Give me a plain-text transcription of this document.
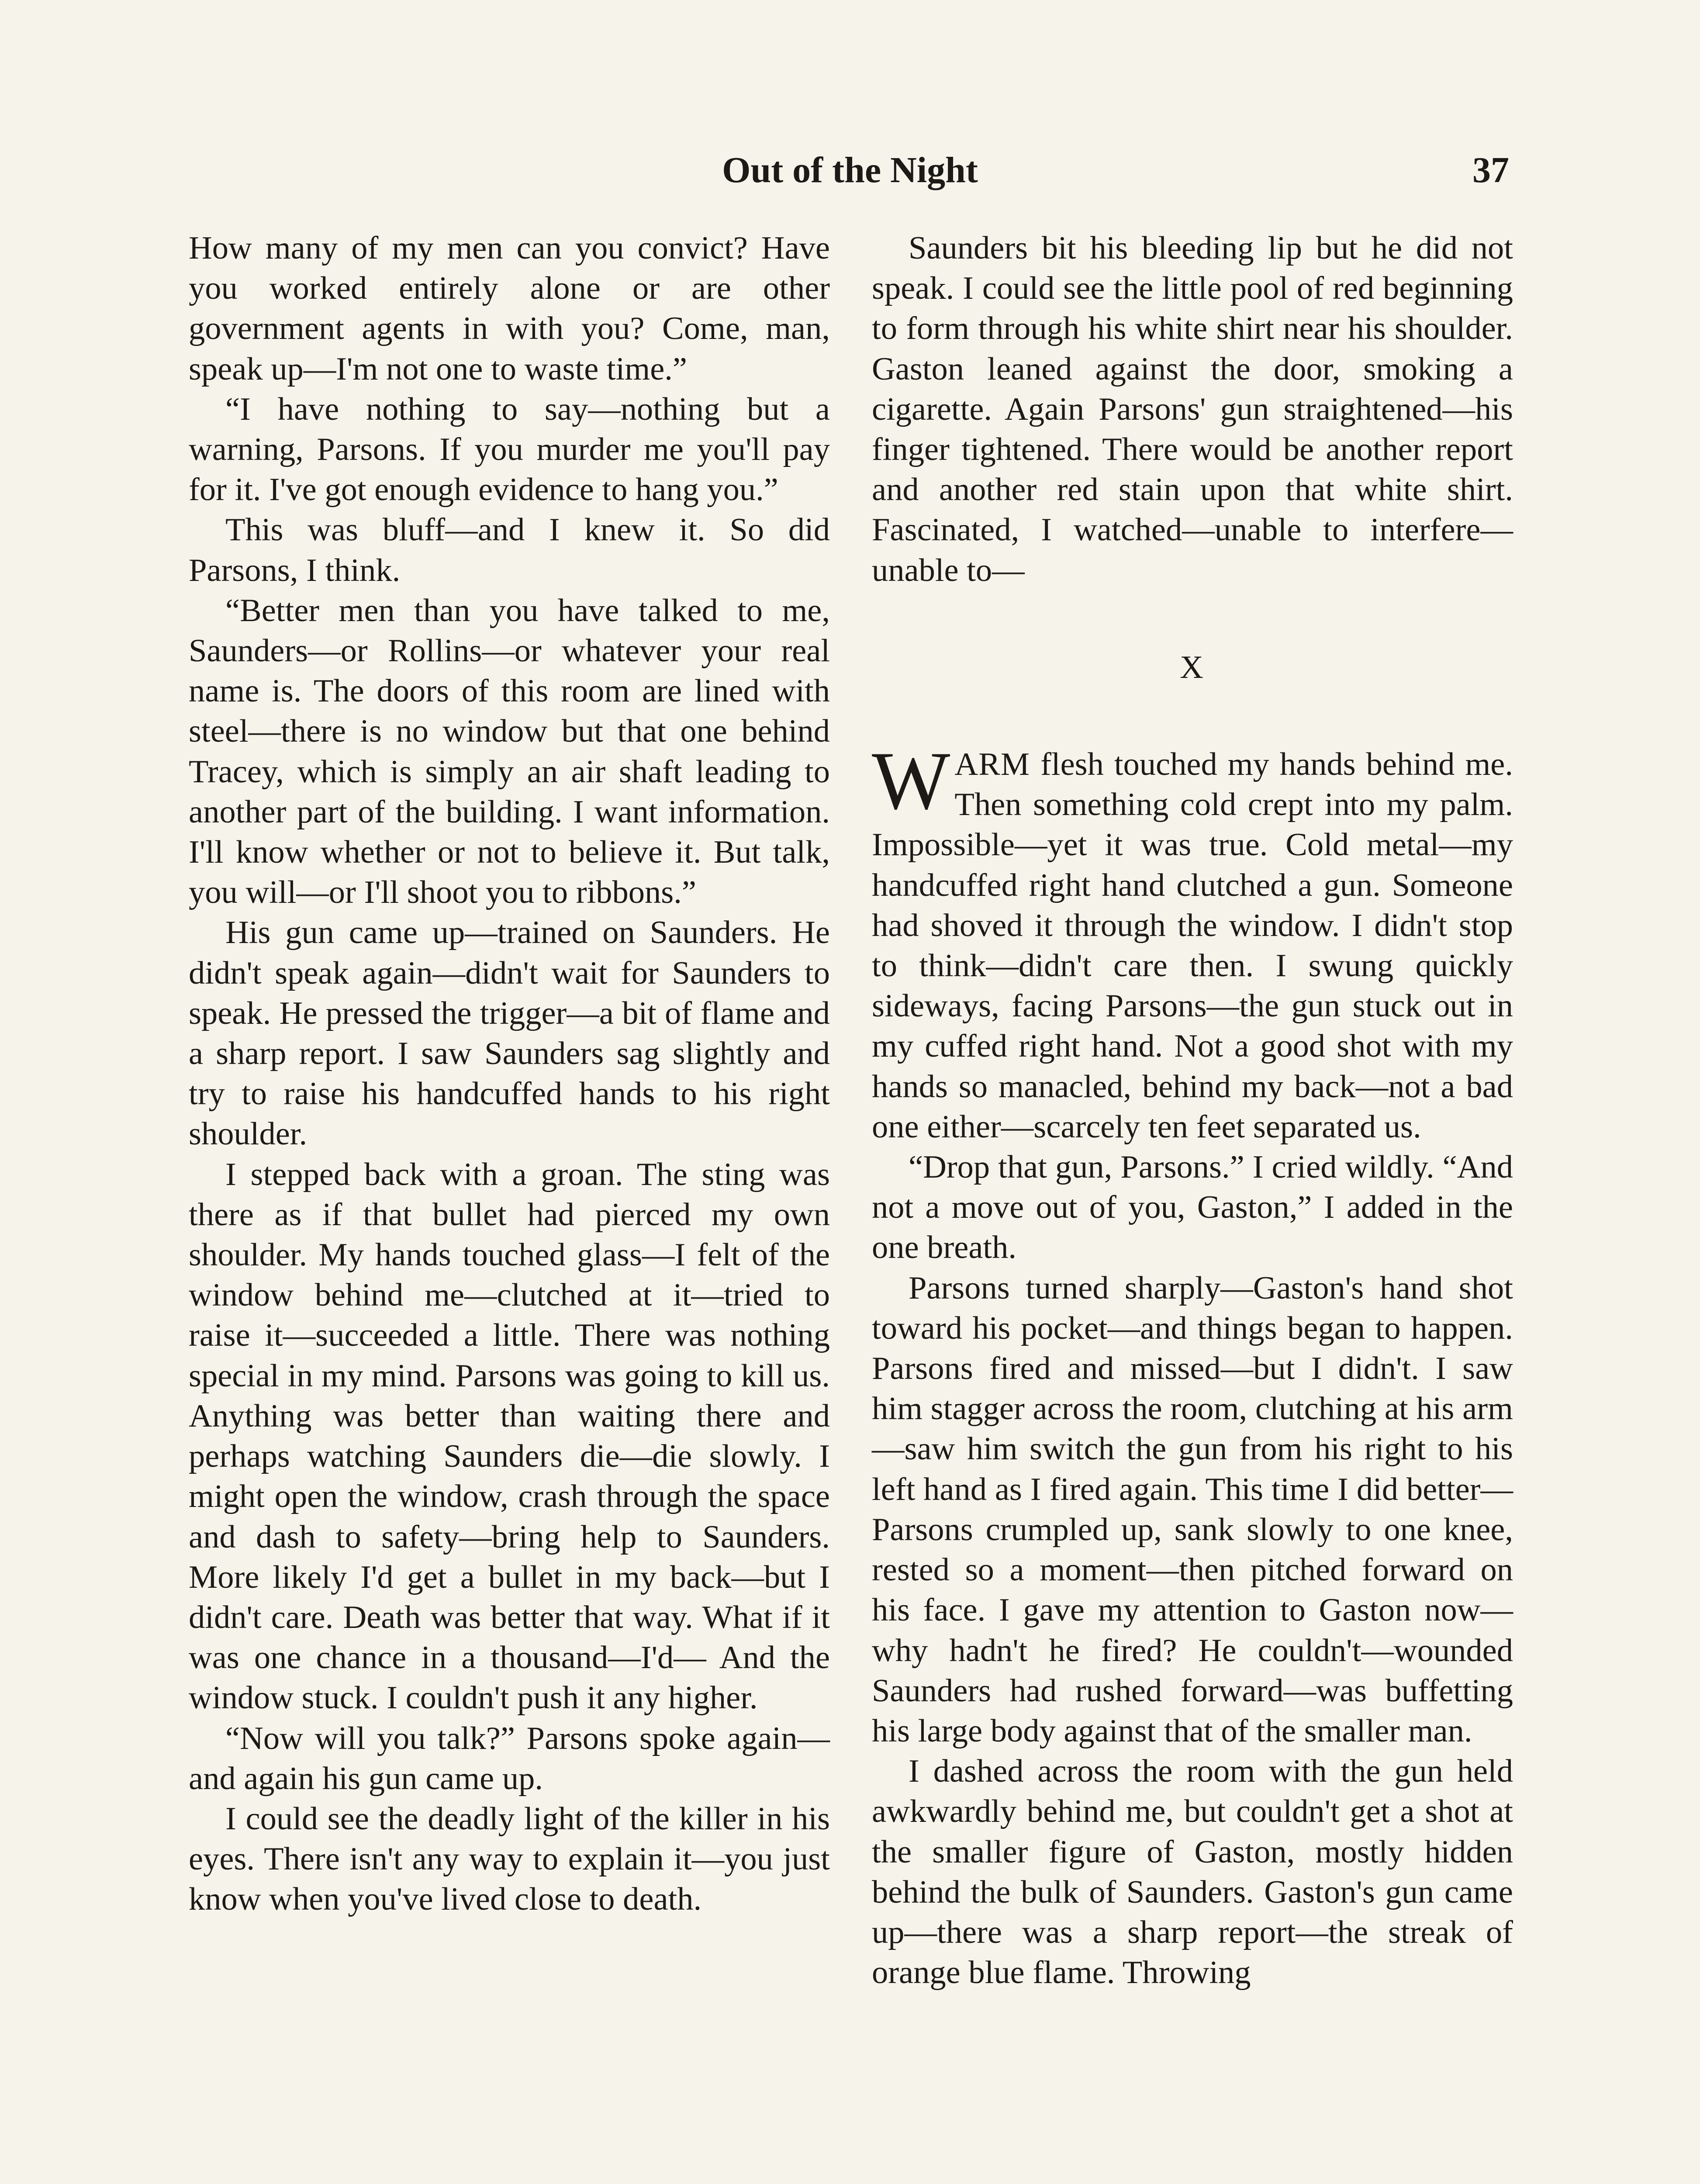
Out of the Night	37

How many of my men can you convict? Have you worked entirely alone or are other government agents in with you? Come, man, speak up—I'm not one to waste time.”

“I have nothing to say—nothing but a warning, Parsons. If you murder me you'll pay for it. I've got enough evidence to hang you.”

This was bluff—and I knew it. So did Parsons, I think.

“Better men than you have talked to me, Saunders—or Rollins—or whatever your real name is. The doors of this room are lined with steel—there is no window but that one behind Tracey, which is simply an air shaft leading to another part of the building. I want information. I'll know whether or not to believe it. But talk, you will—or I'll shoot you to ribbons.”

His gun came up—trained on Saunders. He didn't speak again—didn't wait for Saunders to speak. He pressed the trigger—a bit of flame and a sharp report. I saw Saunders sag slightly and try to raise his handcuffed hands to his right shoulder.

I stepped back with a groan. The sting was there as if that bullet had pierced my own shoulder. My hands touched glass—I felt of the window behind me—clutched at it—tried to raise it—succeeded a little. There was nothing special in my mind. Parsons was going to kill us. Anything was better than waiting there and perhaps watching Saunders die—die slowly. I might open the window, crash through the space and dash to safety—bring help to Saunders. More likely I'd get a bullet in my back—but I didn't care. Death was better that way. What if it was one chance in a thousand—I'd— And the window stuck. I couldn't push it any higher.

“Now will you talk?” Parsons spoke again—and again his gun came up.

I could see the deadly light of the killer in his eyes. There isn't any way to explain it—you just know when you've lived close to death.

Saunders bit his bleeding lip but he did not speak. I could see the little pool of red beginning to form through his white shirt near his shoulder. Gaston leaned against the door, smoking a cigarette. Again Parsons' gun straightened—his finger tightened. There would be another report and another red stain upon that white shirt. Fascinated, I watched—unable to interfere—unable to—

X

WARM flesh touched my hands behind me. Then something cold crept into my palm. Impossible—yet it was true. Cold metal—my handcuffed right hand clutched a gun. Someone had shoved it through the window. I didn't stop to think—didn't care then. I swung quickly sideways, facing Parsons—the gun stuck out in my cuffed right hand. Not a good shot with my hands so manacled, behind my back—not a bad one either—scarcely ten feet separated us.

“Drop that gun, Parsons.” I cried wildly. “And not a move out of you, Gaston,” I added in the one breath.

Parsons turned sharply—Gaston's hand shot toward his pocket—and things began to happen. Parsons fired and missed—but I didn't. I saw him stagger across the room, clutching at his arm—saw him switch the gun from his right to his left hand as I fired again. This time I did better—Parsons crumpled up, sank slowly to one knee, rested so a moment—then pitched forward on his face. I gave my attention to Gaston now—why hadn't he fired? He couldn't—wounded Saunders had rushed forward—was buffetting his large body against that of the smaller man.

I dashed across the room with the gun held awkwardly behind me, but couldn't get a shot at the smaller figure of Gaston, mostly hidden behind the bulk of Saunders. Gaston's gun came up—there was a sharp report—the streak of orange blue flame. Throwing
